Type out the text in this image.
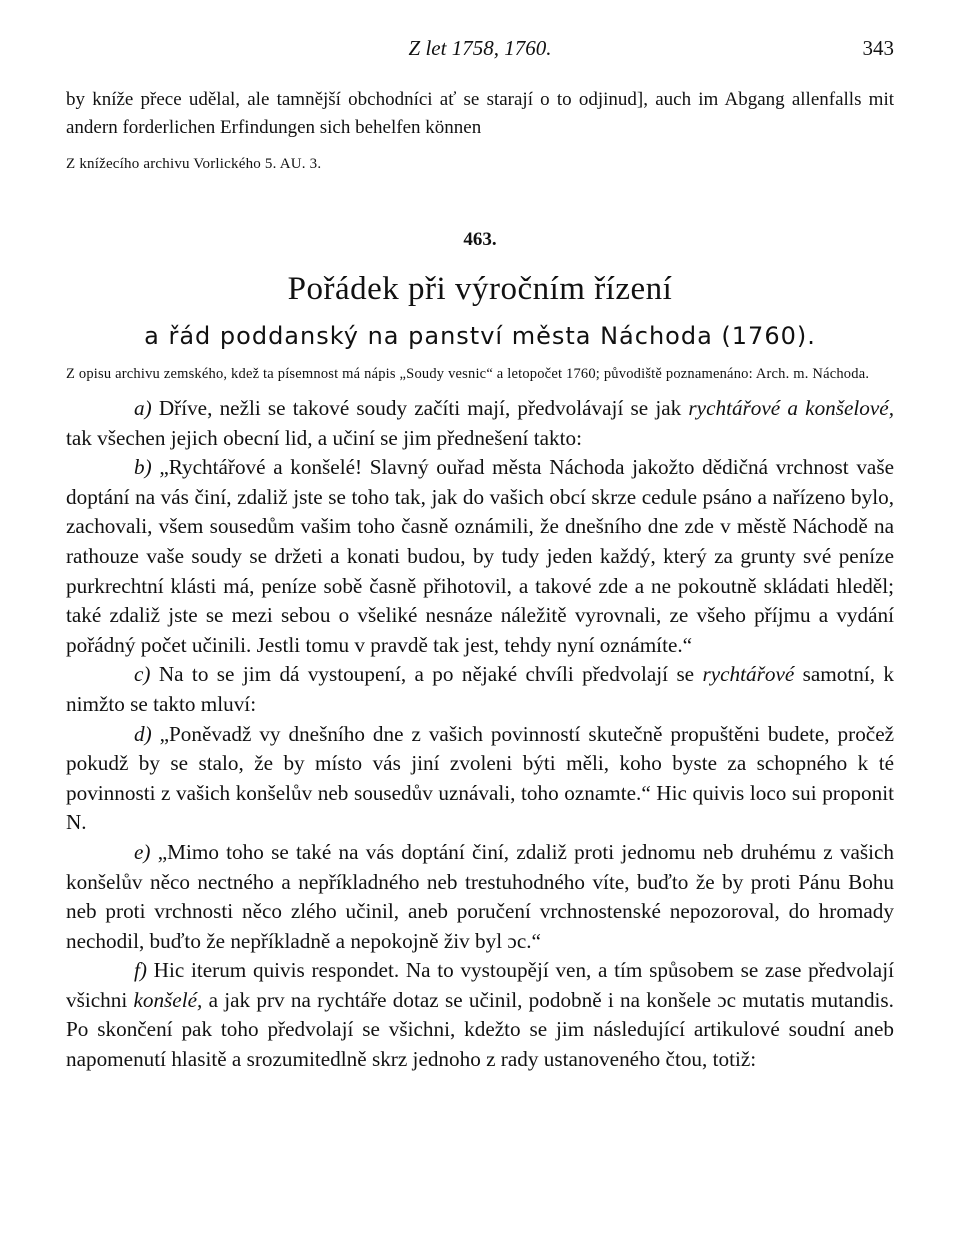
Z let 1758, 1760.	343
by kníže přece udělal, ale tamnější obchodníci ať se starají o to odjinud], auch im Abgang allenfalls mit andern forderlichen Erfindungen sich behelfen können
Z knížecího archivu Vorlického 5. AU. 3.
463.
Pořádek při výročním řízení
a řád poddanský na panství města Náchoda (1760).
Z opisu archivu zemského, kdež ta písemnost má nápis „Soudy vesnic“ a letopočet 1760; původiště poznamenáno: Arch. m. Náchoda.

a) Dříve, nežli se takové soudy začíti mají, předvolávají se jak rychtářové a konšelové, tak všechen jejich obecní lid, a učiní se jim přednešení takto:

b) „Rychtářové a konšelé! Slavný ouřad města Náchoda jakožto dědičná vrchnost vaše doptání na vás činí, zdaliž jste se toho tak, jak do vašich obcí skrze cedule psáno a nařízeno bylo, zachovali, všem sousedům vašim toho časně oznámili, že dnešního dne zde v městě Náchodě na rathouze vaše soudy se držeti a konati budou, by tudy jeden každý, který za grunty své peníze purkrechtní klásti má, peníze sobě časně přihotovil, a takové zde a ne pokoutně skládati hleděl; také zdaliž jste se mezi sebou o všeliké nesnáze náležitě vyrovnali, ze všeho příjmu a vydání pořádný počet učinili. Jestli tomu v pravdě tak jest, tehdy nyní oznámíte.“

c) Na to se jim dá vystoupení, a po nějaké chvíli předvolají se rychtářové samotní, k nimžto se takto mluví:

d) „Poněvadž vy dnešního dne z vašich povinností skutečně propuštěni budete, pročež pokudž by se stalo, že by místo vás jiní zvoleni býti měli, koho byste za schopného k té povinnosti z vašich konšelův neb sousedův uznávali, toho oznamte.“ Hic quivis loco sui proponit N.

e) „Mimo toho se také na vás doptání činí, zdaliž proti jednomu neb druhému z vašich konšelův něco nectného a nepříkladného neb trestuhodného víte, buďto že by proti Pánu Bohu neb proti vrchnosti něco zlého učinil, aneb poručení vrchnostenské nepozoroval, do hromady nechodil, buďto že nepříkladně a nepokojně živ byl ɔc.“

f) Hic iterum quivis respondet. Na to vystoupějí ven, a tím spůsobem se zase předvolají všichni konšelé, a jak prv na rychtáře dotaz se učinil, podobně i na konšele ɔc mutatis mutandis. Po skončení pak toho předvolají se všichni, kdežto se jim následující artikulové soudní aneb napomenutí hlasitě a srozumitedlně skrz jednoho z rady ustanoveného čtou, totiž:
